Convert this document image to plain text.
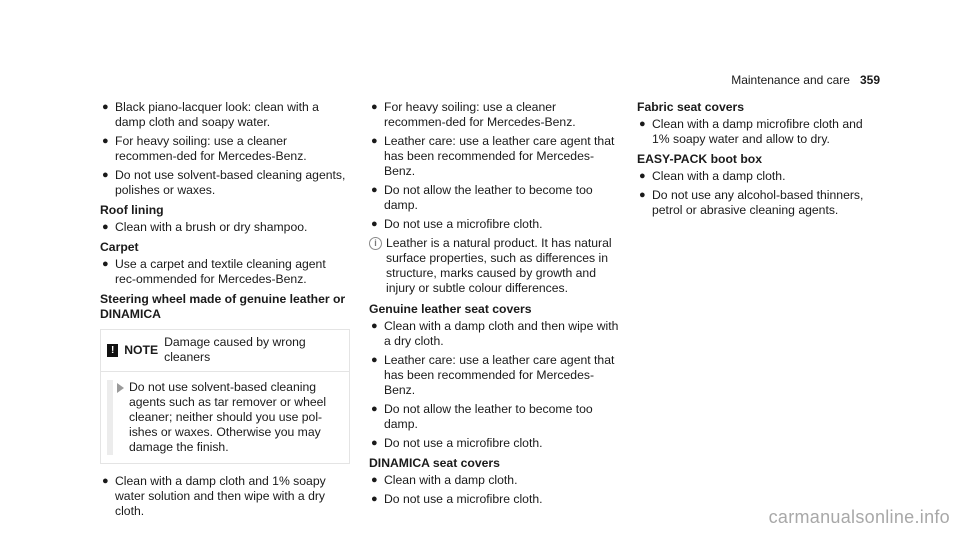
Maintenance and care 359
● Black piano-lacquer look: clean with a damp cloth and soapy water.
● For heavy soiling: use a cleaner recommen-ded for Mercedes-Benz.
● Do not use solvent-based cleaning agents, polishes or waxes.
Roof lining
● Clean with a brush or dry shampoo.
Carpet
● Use a carpet and textile cleaning agent rec-ommended for Mercedes-Benz.
Steering wheel made of genuine leather or DINAMICA
! NOTE
Damage caused by wrong cleaners
Do not use solvent-based cleaning agents such as tar remover or wheel cleaner; neither should you use pol-ishes or waxes. Otherwise you may damage the finish.
● Clean with a damp cloth and 1% soapy water solution and then wipe with a dry cloth.
● For heavy soiling: use a cleaner recommen-ded for Mercedes-Benz.
● Leather care: use a leather care agent that has been recommended for Mercedes-Benz.
● Do not allow the leather to become too damp.
● Do not use a microfibre cloth.
i Leather is a natural product. It has natural surface properties, such as differences in structure, marks caused by growth and injury or subtle colour differences.
Genuine leather seat covers
● Clean with a damp cloth and then wipe with a dry cloth.
● Leather care: use a leather care agent that has been recommended for Mercedes-Benz.
● Do not allow the leather to become too damp.
● Do not use a microfibre cloth.
DINAMICA seat covers
● Clean with a damp cloth.
● Do not use a microfibre cloth.
Fabric seat covers
● Clean with a damp microfibre cloth and 1% soapy water and allow to dry.
EASY-PACK boot box
● Clean with a damp cloth.
● Do not use any alcohol-based thinners, petrol or abrasive cleaning agents.
carmanualsonline.info
